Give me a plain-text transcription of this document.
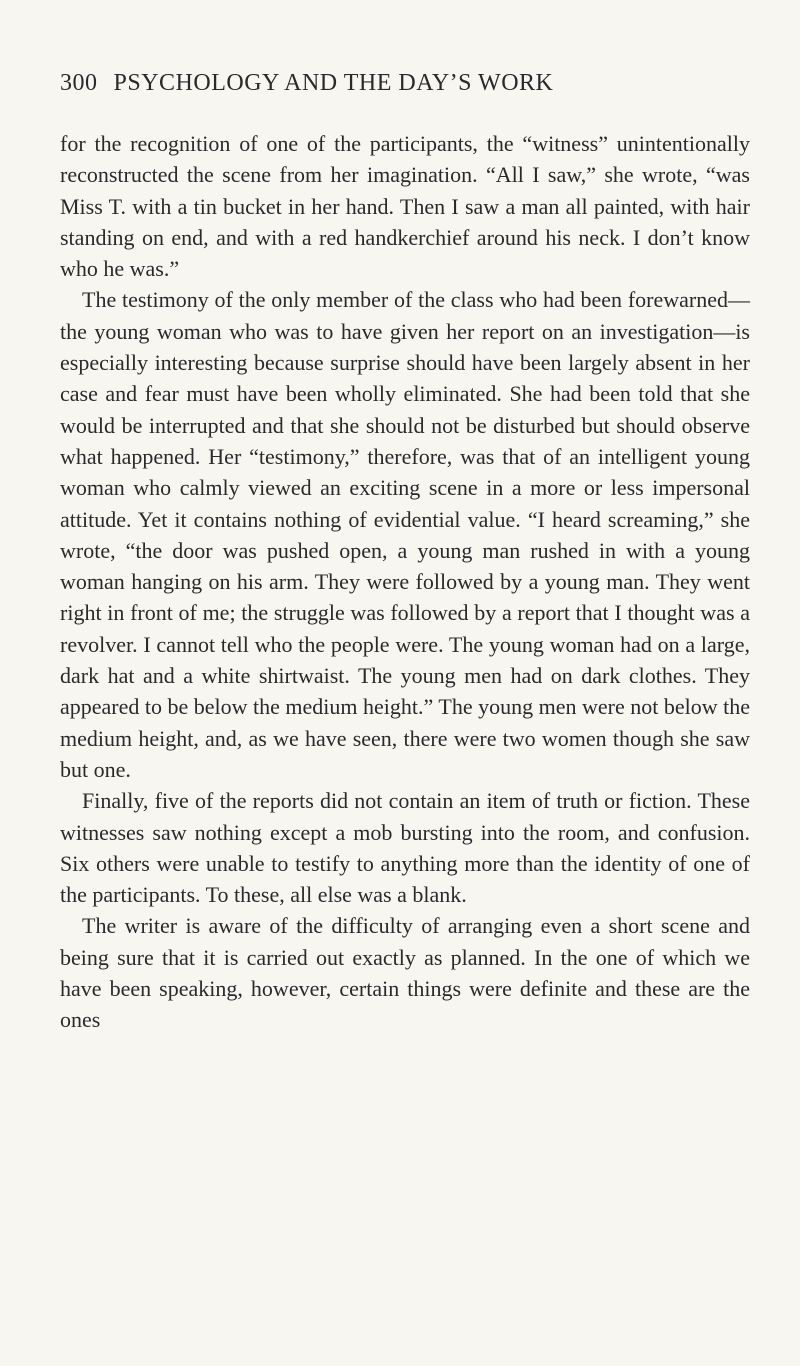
300 PSYCHOLOGY AND THE DAY’S WORK

for the recognition of one of the participants, the “witness” unintentionally reconstructed the scene from her imagination. “All I saw,” she wrote, “was Miss T. with a tin bucket in her hand. Then I saw a man all painted, with hair standing on end, and with a red handkerchief around his neck. I don’t know who he was.”

The testimony of the only member of the class who had been forewarned—the young woman who was to have given her report on an investigation—is especially interesting because surprise should have been largely absent in her case and fear must have been wholly eliminated. She had been told that she would be interrupted and that she should not be disturbed but should observe what happened. Her “testimony,” therefore, was that of an intelligent young woman who calmly viewed an exciting scene in a more or less impersonal attitude. Yet it contains nothing of evidential value. “I heard screaming,” she wrote, “the door was pushed open, a young man rushed in with a young woman hanging on his arm. They were followed by a young man. They went right in front of me; the struggle was followed by a report that I thought was a revolver. I cannot tell who the people were. The young woman had on a large, dark hat and a white shirtwaist. The young men had on dark clothes. They appeared to be below the medium height.” The young men were not below the medium height, and, as we have seen, there were two women though she saw but one.

Finally, five of the reports did not contain an item of truth or fiction. These witnesses saw nothing except a mob bursting into the room, and confusion. Six others were unable to testify to anything more than the identity of one of the participants. To these, all else was a blank.

The writer is aware of the difficulty of arranging even a short scene and being sure that it is carried out exactly as planned. In the one of which we have been speaking, however, certain things were definite and these are the ones
